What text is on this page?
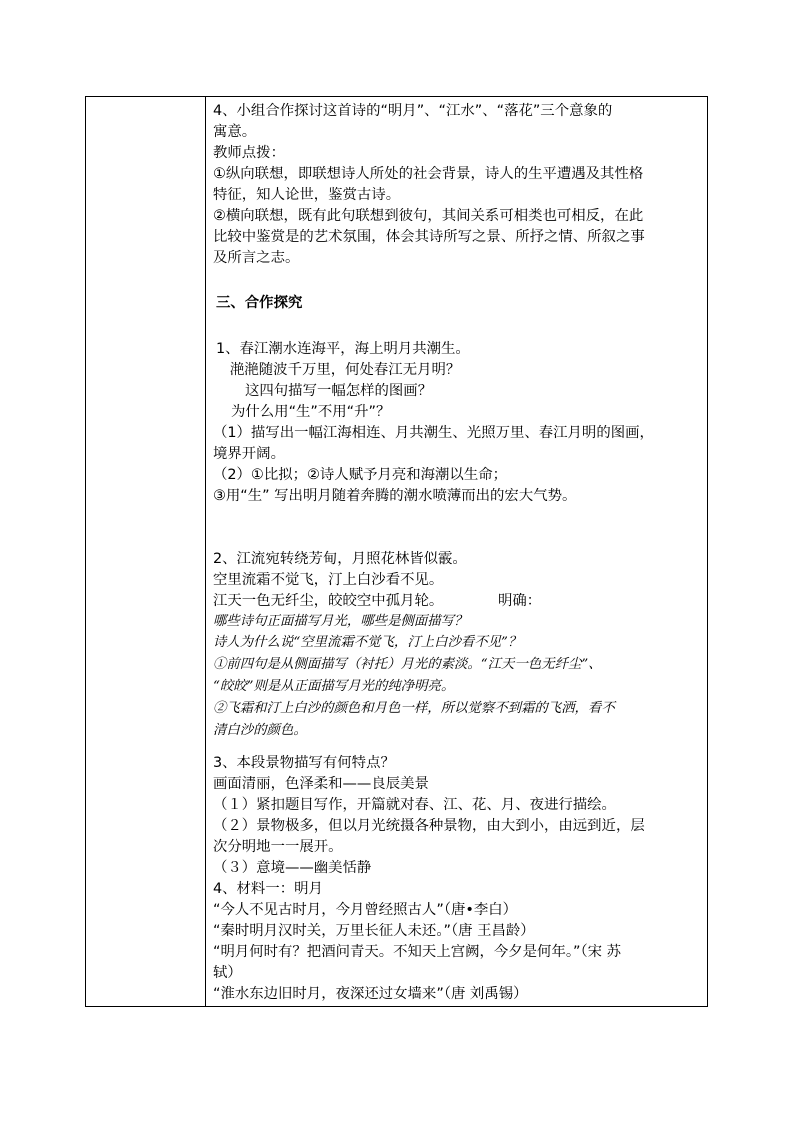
4、小组合作探讨这首诗的“明月”、“江水”、“落花”三个意象的
寓意。
教师点拨：
①纵向联想，即联想诗人所处的社会背景，诗人的生平遭遇及其性格
特征，知人论世，鉴赏古诗。
②横向联想，既有此句联想到彼句，其间关系可相类也可相反，在此
比较中鉴赏是的艺术氛围，体会其诗所写之景、所抒之情、所叙之事
及所言之志。
三、合作探究
1、春江潮水连海平，海上明月共潮生。
滟滟随波千万里，何处春江无月明？
这四句描写一幅怎样的图画？
为什么用“生”不用“升”？
（1）描写出一幅江海相连、月共潮生、光照万里、春江月明的图画，
境界开阔。
（2）①比拟；②诗人赋予月亮和海潮以生命；
③用“生” 写出明月随着奔腾的潮水喷薄而出的宏大气势。
2、江流宛转绕芳甸，月照花林皆似霰。
空里流霜不觉飞，汀上白沙看不见。
江天一色无纤尘，皎皎空中孤月轮。	明确：
哪些诗句正面描写月光，哪些是侧面描写？
诗人为什么说“空里流霜不觉飞，汀上白沙看不见”？
①前四句是从侧面描写（衬托）月光的素淡。“江天一色无纤尘”、
“皎皎”则是从正面描写月光的纯净明亮。
②飞霜和汀上白沙的颜色和月色一样，所以觉察不到霜的飞洒，看不
清白沙的颜色。
3、本段景物描写有何特点？
画面清丽，色泽柔和——良辰美景
（１）紧扣题目写作，开篇就对春、江、花、月、夜进行描绘。
（２）景物极多，但以月光统摄各种景物，由大到小，由远到近，层
次分明地一一展开。
（３）意境——幽美恬静
4、材料一：明月
“今人不见古时月，今月曾经照古人”（唐•李白）
“秦时明月汉时关，万里长征人未还。”（唐 王昌龄）
“明月何时有？把酒问青天。不知天上宫阙，今夕是何年。”（宋 苏
轼）
“淮水东边旧时月，夜深还过女墙来”（唐 刘禹锡）
